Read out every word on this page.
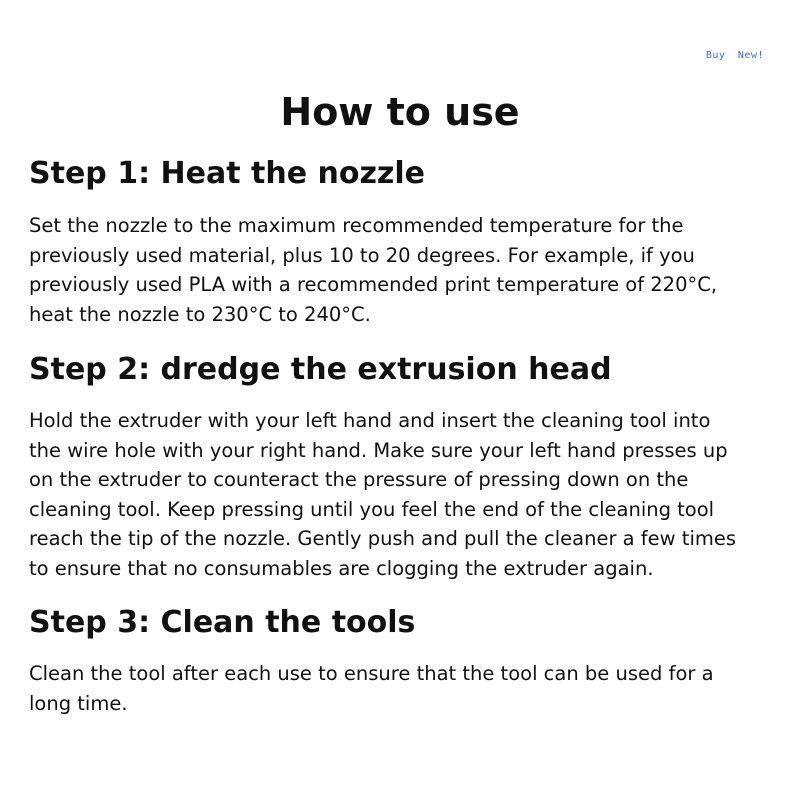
Buy New!
How to use
Step 1: Heat the nozzle

Set the nozzle to the maximum recommended temperature for the
previously used material, plus 10 to 20 degrees. For example, if you
previously used PLA with a recommended print temperature of 220°C,
heat the nozzle to 230°C to 240°C.

Step 2: dredge the extrusion head

Hold the extruder with your left hand and insert the cleaning tool into
the wire hole with your right hand. Make sure your left hand presses up
on the extruder to counteract the pressure of pressing down on the
cleaning tool. Keep pressing until you feel the end of the cleaning tool
reach the tip of the nozzle. Gently push and pull the cleaner a few times
to ensure that no consumables are clogging the extruder again.

Step 3: Clean the tools

Clean the tool after each use to ensure that the tool can be used for a
long time.
